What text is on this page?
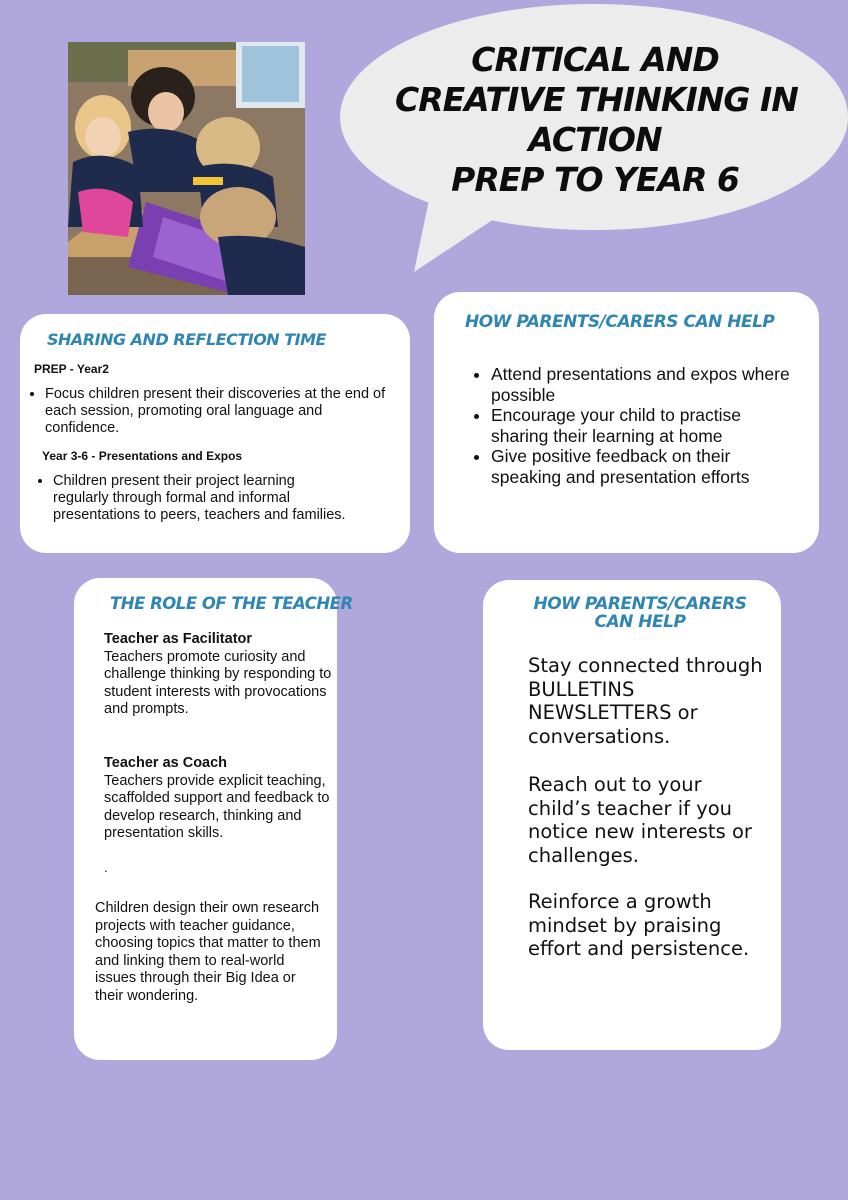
CRITICAL AND
CREATIVE THINKING IN
ACTION
PREP TO YEAR 6
SHARING AND REFLECTION TIME
PREP - Year2
• Focus children present their discoveries at the end of each session, promoting oral language and confidence.
Year 3-6 - Presentations and Expos
• Children present their project learning regularly through formal and informal presentations to peers, teachers and families.
HOW PARENTS/CARERS CAN HELP
• Attend presentations and expos where possible
• Encourage your child to practise sharing their learning at home
• Give positive feedback on their speaking and presentation efforts
THE ROLE OF THE TEACHER
Teacher as Facilitator
Teachers promote curiosity and challenge thinking by responding to student interests with provocations and prompts.
Teacher as Coach
Teachers provide explicit teaching, scaffolded support and feedback to develop research, thinking and presentation skills.
.
Children design their own research projects with teacher guidance, choosing topics that matter to them and linking them to real-world issues through their Big Idea or their wondering.
HOW PARENTS/CARERS
CAN HELP
Stay connected through BULLETINS NEWSLETTERS or conversations.
Reach out to your child’s teacher if you notice new interests or challenges.
Reinforce a growth mindset by praising effort and persistence.
